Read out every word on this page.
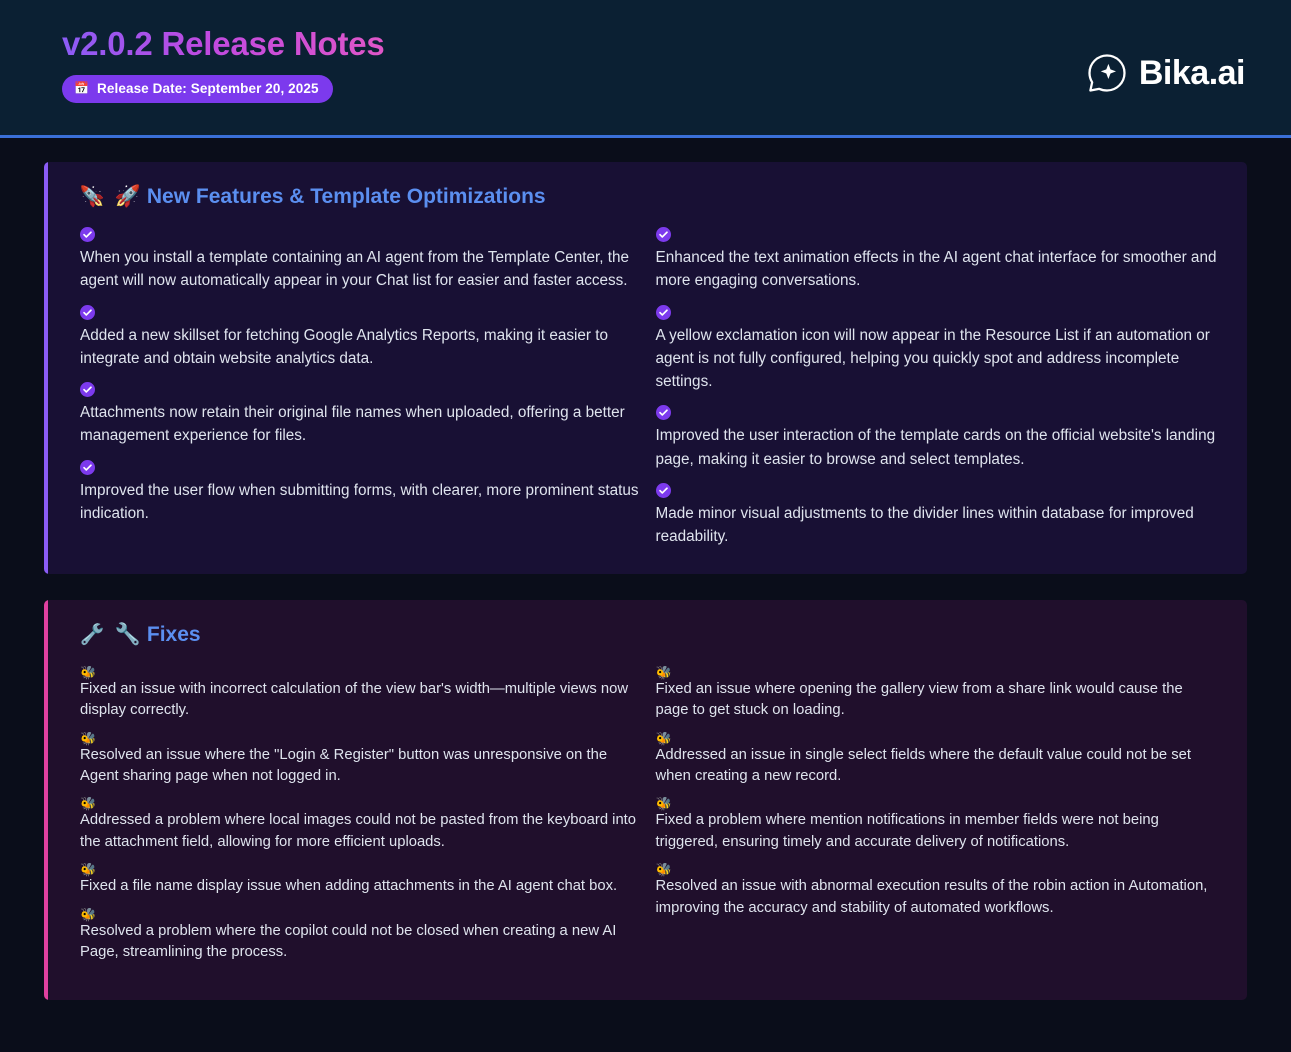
v2.0.2 Release Notes
📅 Release Date: September 20, 2025	Bika.ai
🚀 🚀 New Features & Template Optimizations

When you install a template containing an AI agent from the Template Center, the agent will now automatically appear in your Chat list for easier and faster access.

Added a new skillset for fetching Google Analytics Reports, making it easier to integrate and obtain website analytics data.

Attachments now retain their original file names when uploaded, offering a better management experience for files.

Improved the user flow when submitting forms, with clearer, more prominent status indication.

Enhanced the text animation effects in the AI agent chat interface for smoother and more engaging conversations.

A yellow exclamation icon will now appear in the Resource List if an automation or agent is not fully configured, helping you quickly spot and address incomplete settings.

Improved the user interaction of the template cards on the official website's landing page, making it easier to browse and select templates.

Made minor visual adjustments to the divider lines within database for improved readability.

🔧 🔧 Fixes
🐝

Fixed an issue with incorrect calculation of the view bar's width—multiple views now display correctly.

🐝

Resolved an issue where the "Login & Register" button was unresponsive on the Agent sharing page when not logged in.

🐝

Addressed a problem where local images could not be pasted from the keyboard into the attachment field, allowing for more efficient uploads.

🐝

Fixed a file name display issue when adding attachments in the AI agent chat box.

🐝

Resolved a problem where the copilot could not be closed when creating a new AI Page, streamlining the process.

🐝

Fixed an issue where opening the gallery view from a share link would cause the page to get stuck on loading.

🐝

Addressed an issue in single select fields where the default value could not be set when creating a new record.

🐝

Fixed a problem where mention notifications in member fields were not being triggered, ensuring timely and accurate delivery of notifications.

🐝

Resolved an issue with abnormal execution results of the robin action in Automation, improving the accuracy and stability of automated workflows.
